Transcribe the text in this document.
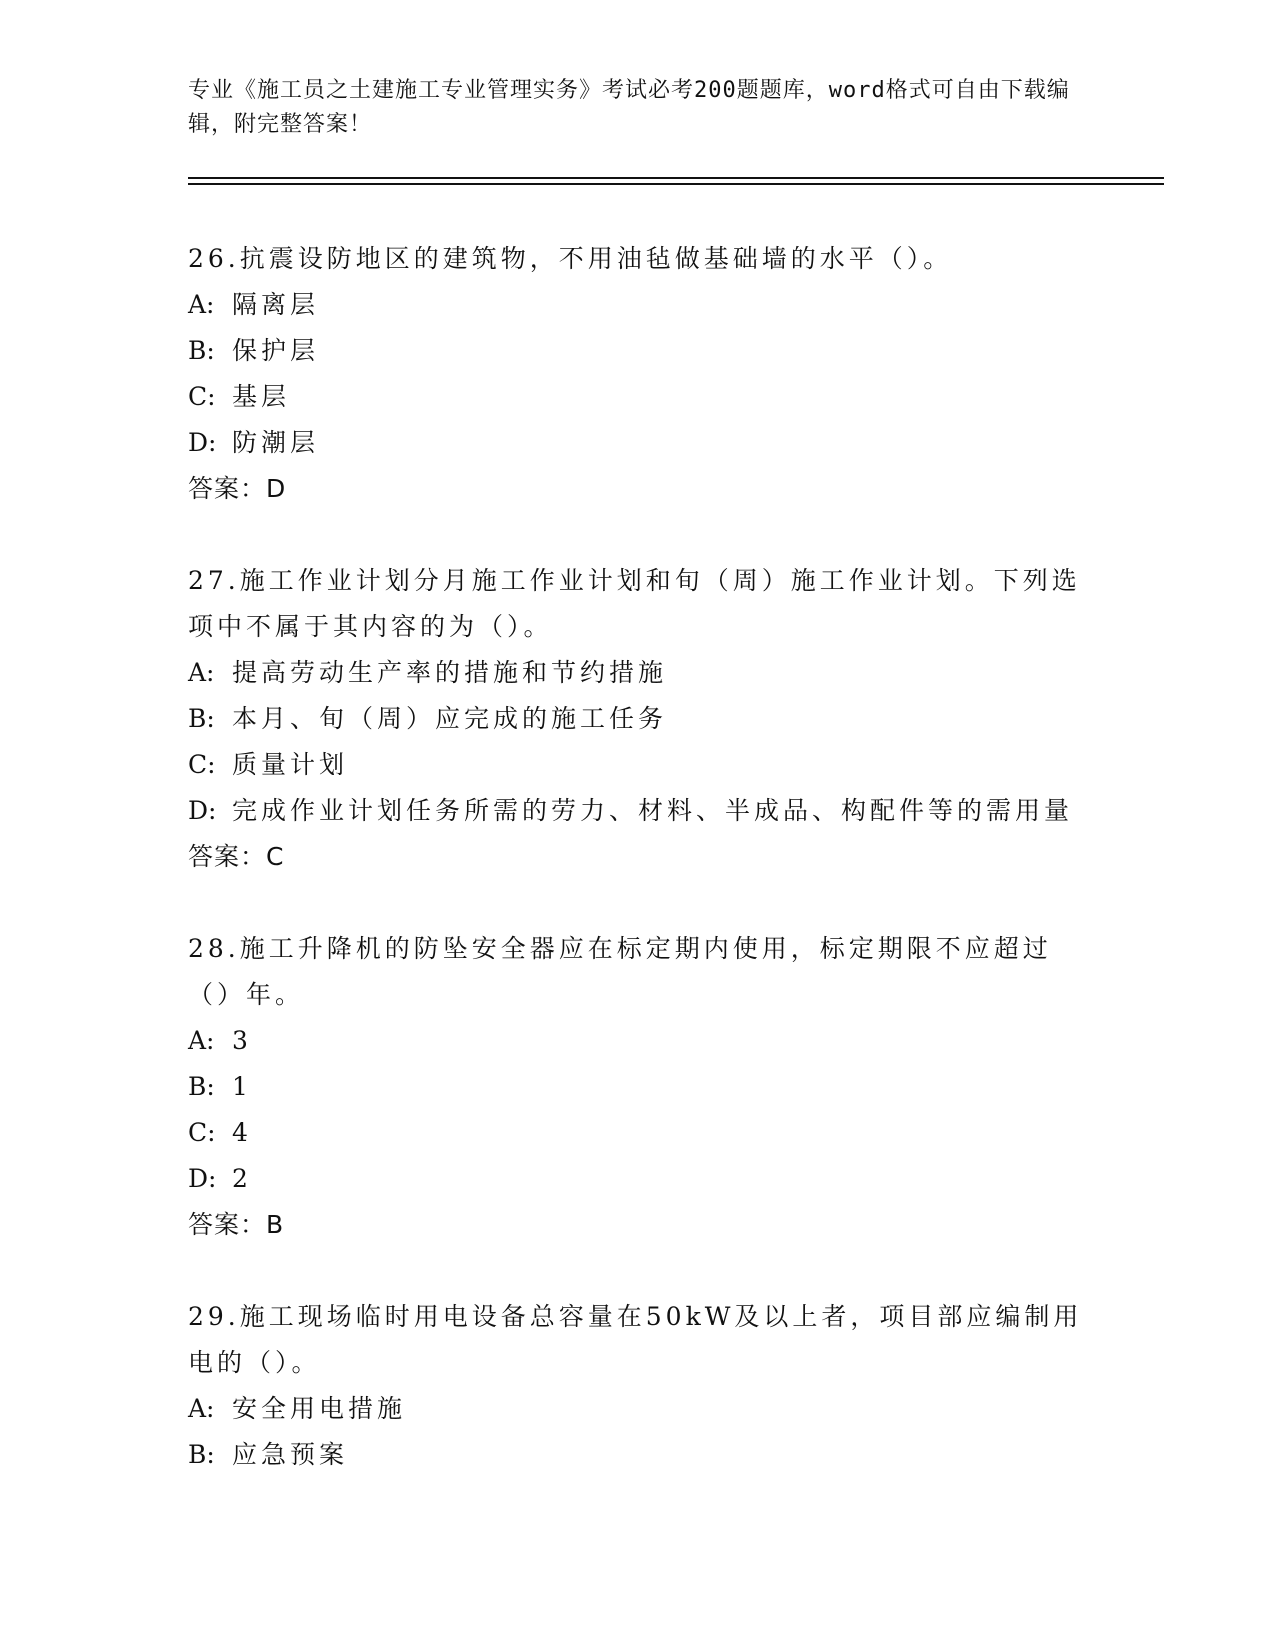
专业《施工员之土建施工专业管理实务》考试必考200题题库，word格式可自由下载编辑，附完整答案！

26.抗震设防地区的建筑物，不用油毡做基础墙的水平（）。

A: 隔离层
B: 保护层
C: 基层
D: 防潮层
答案：D

27.施工作业计划分月施工作业计划和旬（周）施工作业计划。下列选项中不属于其内容的为（）。

A: 提高劳动生产率的措施和节约措施
B: 本月、旬（周）应完成的施工任务
C: 质量计划
D: 完成作业计划任务所需的劳力、材料、半成品、构配件等的需用量
答案：C

28.施工升降机的防坠安全器应在标定期内使用，标定期限不应超过（）年。

A: 3
B: 1
C: 4
D: 2
答案：B

29.施工现场临时用电设备总容量在50kW及以上者，项目部应编制用电的（）。

A: 安全用电措施
B: 应急预案
